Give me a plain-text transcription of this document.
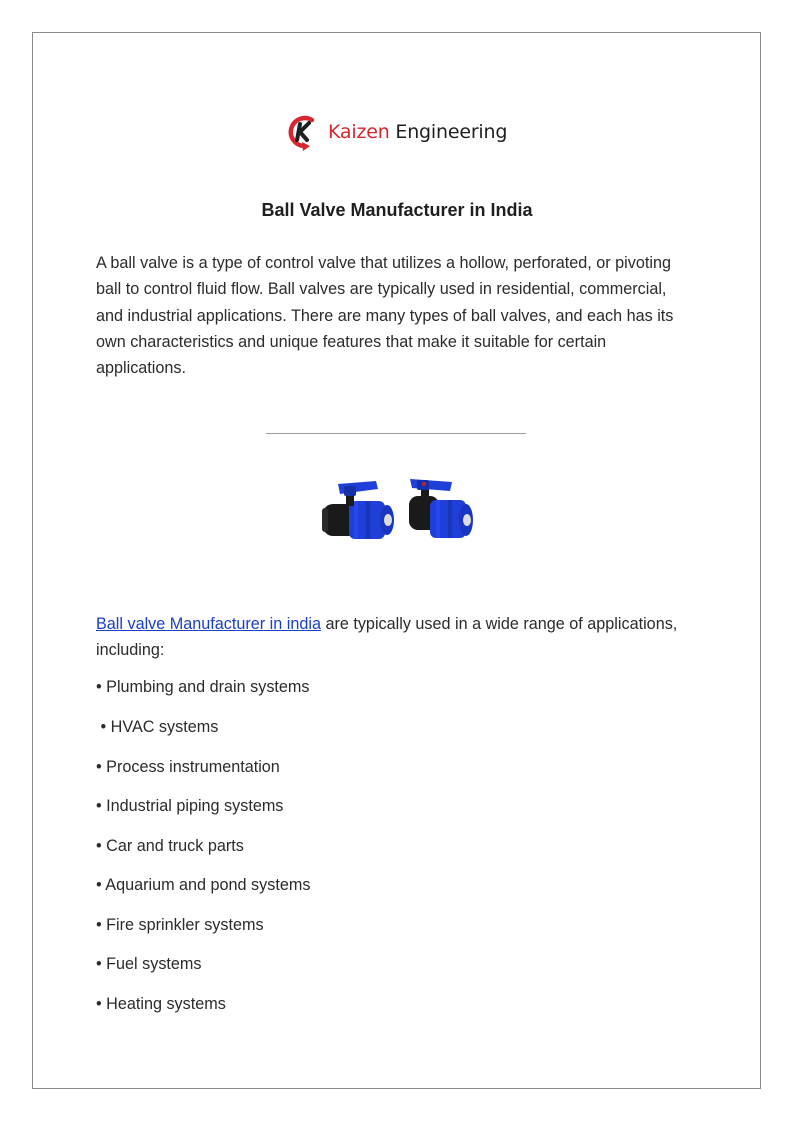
Kaizen Engineering
Ball Valve Manufacturer in India

A ball valve is a type of control valve that utilizes a hollow, perforated, or pivoting ball to control fluid flow. Ball valves are typically used in residential, commercial, and industrial applications. There are many types of ball valves, and each has its own characteristics and unique features that make it suitable for certain applications.

Ball valve Manufacturer in india are typically used in a wide range of applications, including:

• Plumbing and drain systems
• HVAC systems
• Process instrumentation
• Industrial piping systems
• Car and truck parts
• Aquarium and pond systems
• Fire sprinkler systems
• Fuel systems
• Heating systems
